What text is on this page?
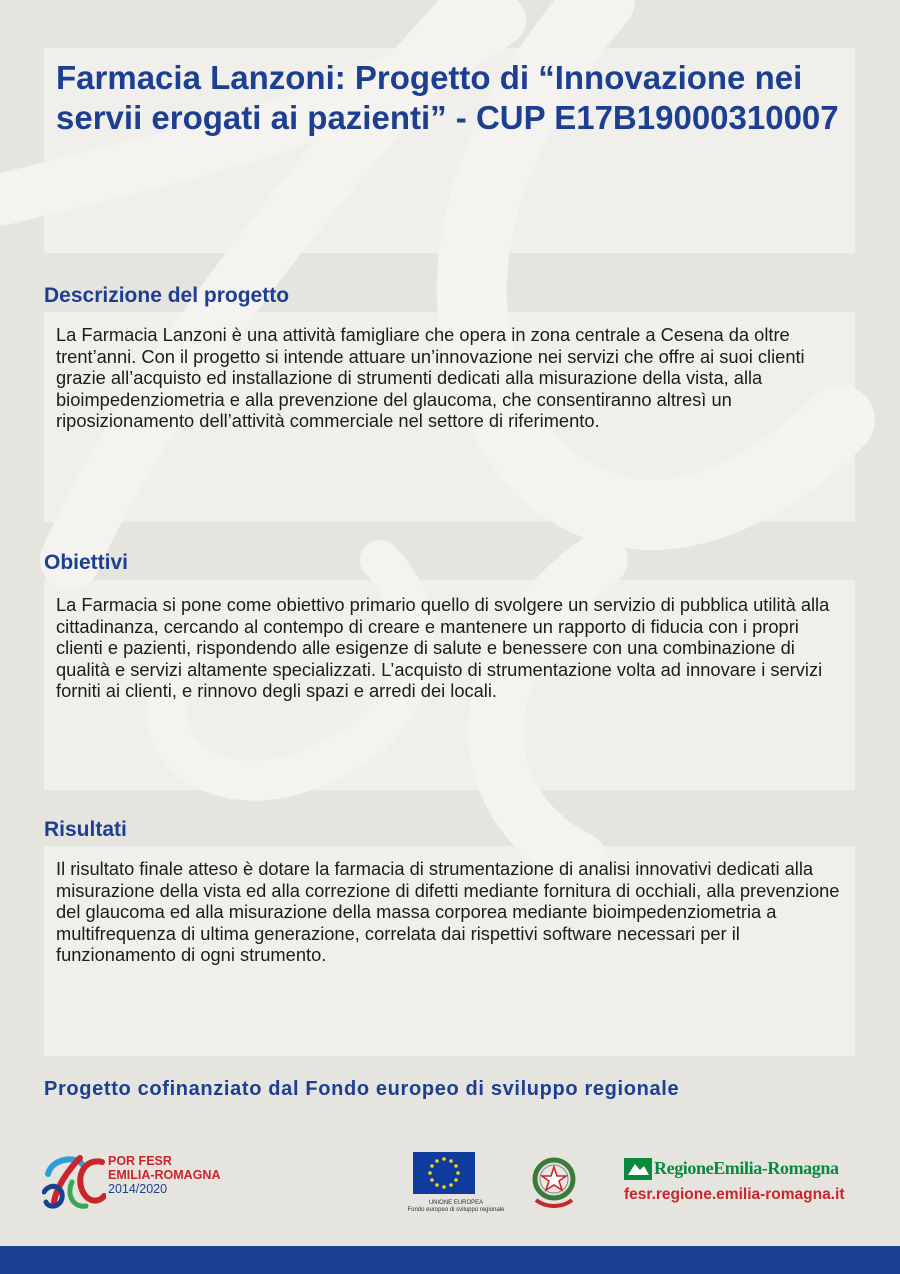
Farmacia Lanzoni: Progetto di “Innovazione nei servii erogati ai pazienti” - CUP E17B19000310007
Descrizione del progetto

La Farmacia Lanzoni è una attività famigliare che opera in zona centrale a Cesena da oltre trent’anni. Con il progetto si intende attuare un’innovazione nei servizi che offre ai suoi clienti grazie all’acquisto ed installazione di strumenti dedicati alla misurazione della vista, alla bioimpedenziometria e alla prevenzione del glaucoma, che consentiranno altresì un riposizionamento dell’attività commerciale nel settore di riferimento.

Obiettivi

La Farmacia si pone come obiettivo primario quello di svolgere un servizio di pubblica utilità alla cittadinanza, cercando al contempo di creare e mantenere un rapporto di fiducia con i propri clienti e pazienti, rispondendo alle esigenze di salute e benessere con una combinazione di qualità e servizi altamente specializzati. L’acquisto di strumentazione volta ad innovare i servizi forniti ai clienti, e rinnovo degli spazi e arredi dei locali.

Risultati

Il risultato finale atteso è dotare la farmacia di strumentazione di analisi innovativi dedicati alla misurazione della vista ed alla correzione di difetti mediante fornitura di occhiali, alla prevenzione del glaucoma ed alla misurazione della massa corporea mediante bioimpedenziometria a multifrequenza di ultima generazione, correlata dai rispettivi software necessari per il funzionamento di ogni strumento.

Progetto cofinanziato dal Fondo europeo di sviluppo regionale

POR FESR
EMILIA-ROMAGNA
2014/2020
UNIONE EUROPEA
Fondo europeo di sviluppo regionale
RegioneEmilia-Romagna
fesr.regione.emilia-romagna.it
